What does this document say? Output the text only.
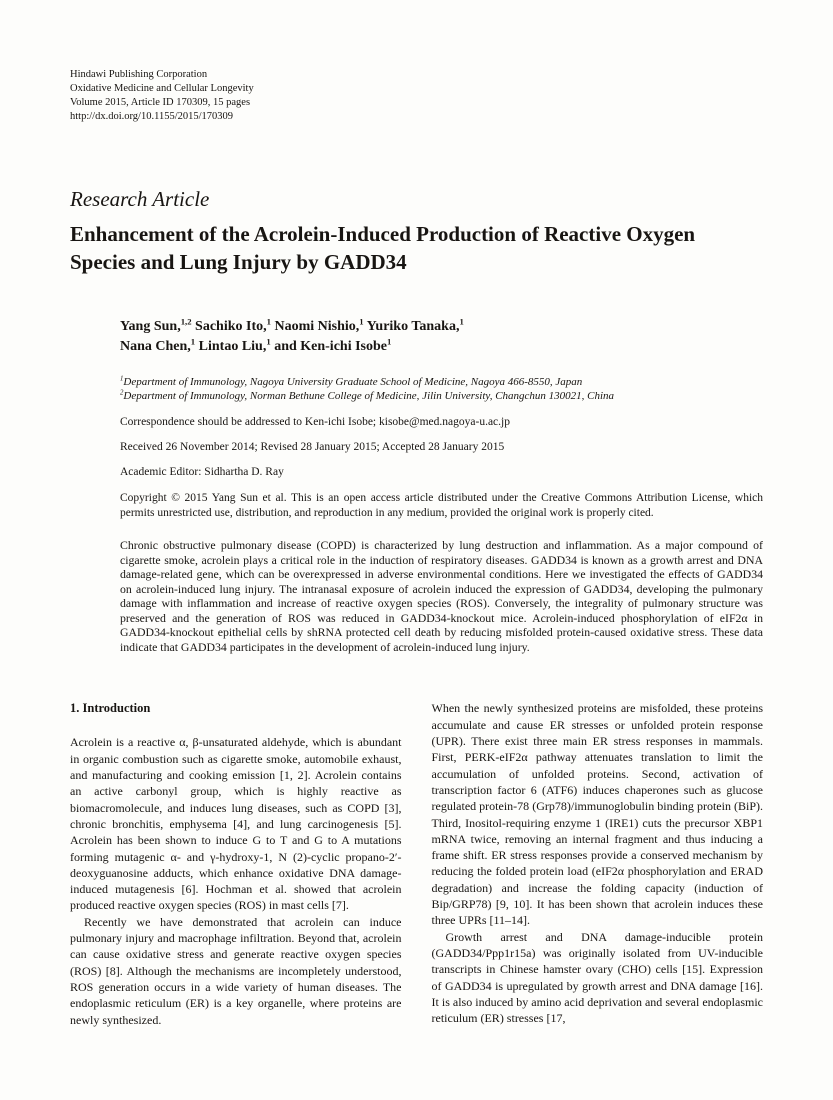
Hindawi Publishing Corporation
Oxidative Medicine and Cellular Longevity
Volume 2015, Article ID 170309, 15 pages
http://dx.doi.org/10.1155/2015/170309
Research Article
Enhancement of the Acrolein-Induced Production of Reactive Oxygen Species and Lung Injury by GADD34

Yang Sun,$^{1,2}$ Sachiko Ito,$^1$ Naomi Nishio,$^1$ Yuriko Tanaka,$^1$

Nana Chen,$^1$ Lintao Liu,$^1$ and Ken-ichi Isobe$^1$

$^1$Department of Immunology, Nagoya University Graduate School of Medicine, Nagoya 466-8550, Japan

$^2$Department of Immunology, Norman Bethune College of Medicine, Jilin University, Changchun 130021, China

Correspondence should be addressed to Ken-ichi Isobe; kisobe@med.nagoya-u.ac.jp

Received 26 November 2014; Revised 28 January 2015; Accepted 28 January 2015

Academic Editor: Sidhartha D. Ray

Copyright © 2015 Yang Sun et al. This is an open access article distributed under the Creative Commons Attribution License, which permits unrestricted use, distribution, and reproduction in any medium, provided the original work is properly cited.

Chronic obstructive pulmonary disease (COPD) is characterized by lung destruction and inflammation. As a major compound of cigarette smoke, acrolein plays a critical role in the induction of respiratory diseases. GADD34 is known as a growth arrest and DNA damage-related gene, which can be overexpressed in adverse environmental conditions. Here we investigated the effects of GADD34 on acrolein-induced lung injury. The intranasal exposure of acrolein induced the expression of GADD34, developing the pulmonary damage with inflammation and increase of reactive oxygen species (ROS). Conversely, the integrality of pulmonary structure was preserved and the generation of ROS was reduced in GADD34-knockout mice. Acrolein-induced phosphorylation of eIF2α in GADD34-knockout epithelial cells by shRNA protected cell death by reducing misfolded protein-caused oxidative stress. These data indicate that GADD34 participates in the development of acrolein-induced lung injury.

1. Introduction

Acrolein is a reactive α, β-unsaturated aldehyde, which is abundant in organic combustion such as cigarette smoke, automobile exhaust, and manufacturing and cooking emission [1, 2]. Acrolein contains an active carbonyl group, which is highly reactive as biomacromolecule, and induces lung diseases, such as COPD [3], chronic bronchitis, emphysema [4], and lung carcinogenesis [5]. Acrolein has been shown to induce G to T and G to A mutations forming mutagenic α- and γ-hydroxy-1, N (2)-cyclic propano-2′-deoxyguanosine adducts, which enhance oxidative DNA damage-induced mutagenesis [6]. Hochman et al. showed that acrolein produced reactive oxygen species (ROS) in mast cells [7].

Recently we have demonstrated that acrolein can induce pulmonary injury and macrophage infiltration. Beyond that, acrolein can cause oxidative stress and generate reactive oxygen species (ROS) [8]. Although the mechanisms are incompletely understood, ROS generation occurs in a wide variety of human diseases. The endoplasmic reticulum (ER) is a key organelle, where proteins are newly synthesized.

When the newly synthesized proteins are misfolded, these proteins accumulate and cause ER stresses or unfolded protein response (UPR). There exist three main ER stress responses in mammals. First, PERK-eIF2α pathway attenuates translation to limit the accumulation of unfolded proteins. Second, activation of transcription factor 6 (ATF6) induces chaperones such as glucose regulated protein-78 (Grp78)/immunoglobulin binding protein (BiP). Third, Inositol-requiring enzyme 1 (IRE1) cuts the precursor XBP1 mRNA twice, removing an internal fragment and thus inducing a frame shift. ER stress responses provide a conserved mechanism by reducing the folded protein load (eIF2α phosphorylation and ERAD degradation) and increase the folding capacity (induction of Bip/GRP78) [9, 10]. It has been shown that acrolein induces these three UPRs [11–14].

Growth arrest and DNA damage-inducible protein (GADD34/Ppp1r15a) was originally isolated from UV-inducible transcripts in Chinese hamster ovary (CHO) cells [15]. Expression of GADD34 is upregulated by growth arrest and DNA damage [16]. It is also induced by amino acid deprivation and several endoplasmic reticulum (ER) stresses [17,
